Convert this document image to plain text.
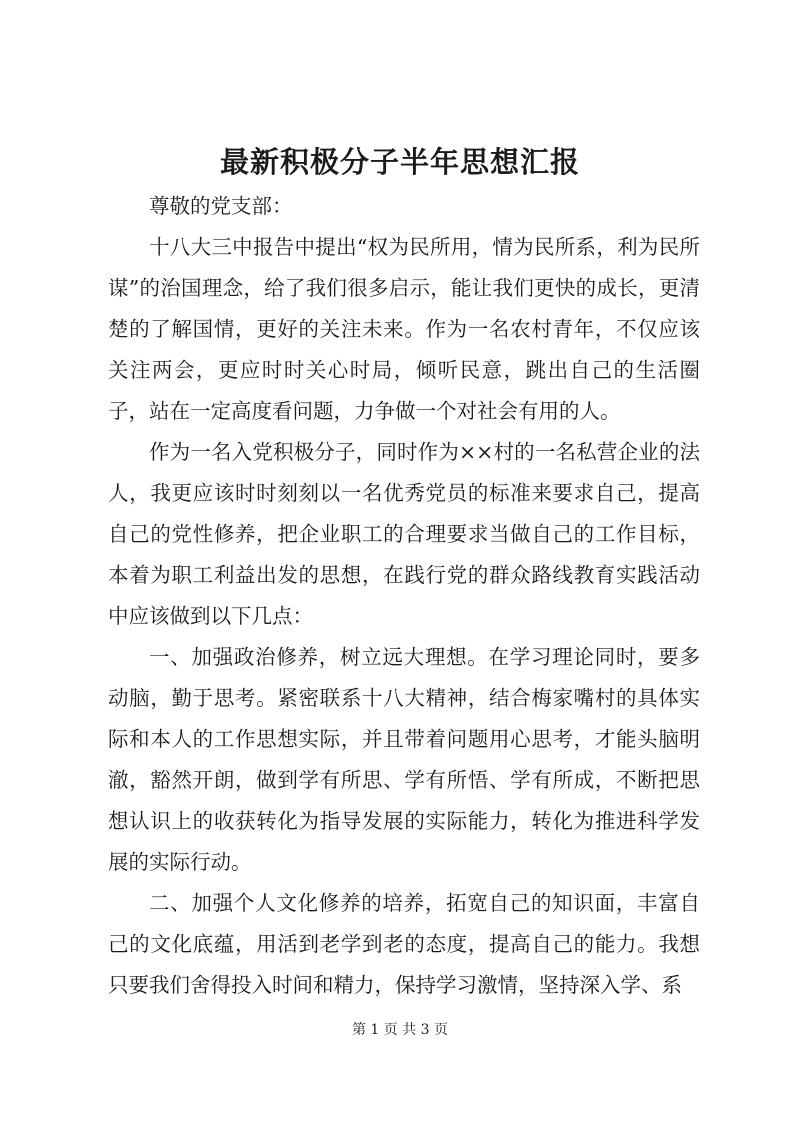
最新积极分子半年思想汇报

尊敬的党支部：

十八大三中报告中提出“权为民所用，情为民所系，利为民所谋”的治国理念，给了我们很多启示，能让我们更快的成长，更清楚的了解国情，更好的关注未来。作为一名农村青年，不仅应该关注两会，更应时时关心时局，倾听民意，跳出自己的生活圈子，站在一定高度看问题，力争做一个对社会有用的人。

作为一名入党积极分子，同时作为××村的一名私营企业的法人，我更应该时时刻刻以一名优秀党员的标准来要求自己，提高自己的党性修养，把企业职工的合理要求当做自己的工作目标，本着为职工利益出发的思想，在践行党的群众路线教育实践活动中应该做到以下几点：

一、加强政治修养，树立远大理想。在学习理论同时，要多动脑，勤于思考。紧密联系十八大精神，结合梅家嘴村的具体实际和本人的工作思想实际，并且带着问题用心思考，才能头脑明澈，豁然开朗，做到学有所思、学有所悟、学有所成，不断把思想认识上的收获转化为指导发展的实际能力，转化为推进科学发展的实际行动。

二、加强个人文化修养的培养，拓宽自己的知识面，丰富自己的文化底蕴，用活到老学到老的态度，提高自己的能力。我想只要我们舍得投入时间和精力，保持学习激情，坚持深入学、系

第 1 页 共 3 页
